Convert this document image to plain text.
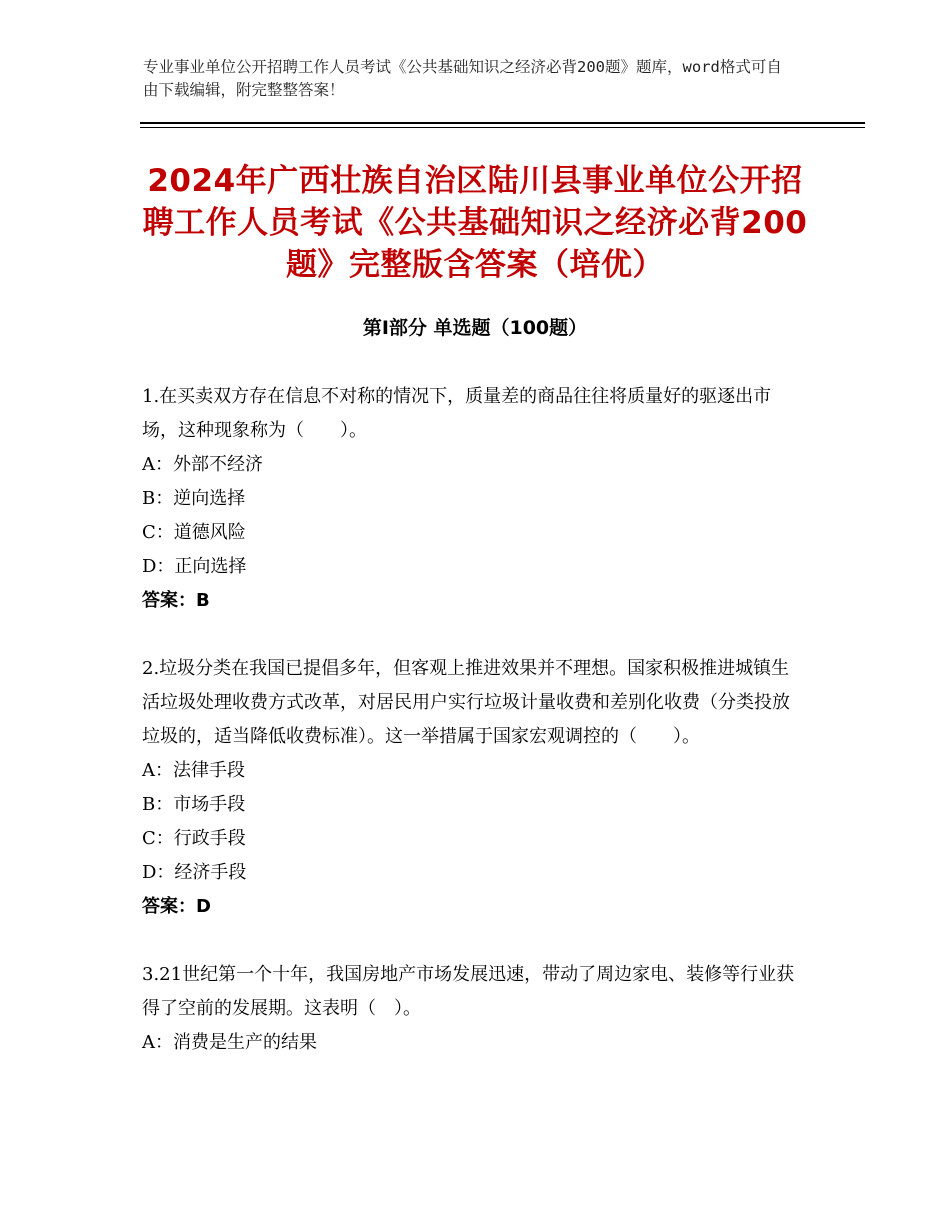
专业事业单位公开招聘工作人员考试《公共基础知识之经济必背200题》题库，word格式可自由下载编辑，附完整整答案！
2024年广西壮族自治区陆川县事业单位公开招聘工作人员考试《公共基础知识之经济必背200题》完整版含答案（培优）
第Ⅰ部分 单选题（100题）

1.在买卖双方存在信息不对称的情况下，质量差的商品往往将质量好的驱逐出市场，这种现象称为（　　）。

A：外部不经济

B：逆向选择

C：道德风险

D：正向选择

答案：B

2.垃圾分类在我国已提倡多年，但客观上推进效果并不理想。国家积极推进城镇生活垃圾处理收费方式改革，对居民用户实行垃圾计量收费和差别化收费（分类投放垃圾的，适当降低收费标准）。这一举措属于国家宏观调控的（　　）。

A：法律手段

B：市场手段

C：行政手段

D：经济手段

答案：D

3.21世纪第一个十年，我国房地产市场发展迅速，带动了周边家电、装修等行业获得了空前的发展期。这表明（　）。

A：消费是生产的结果
